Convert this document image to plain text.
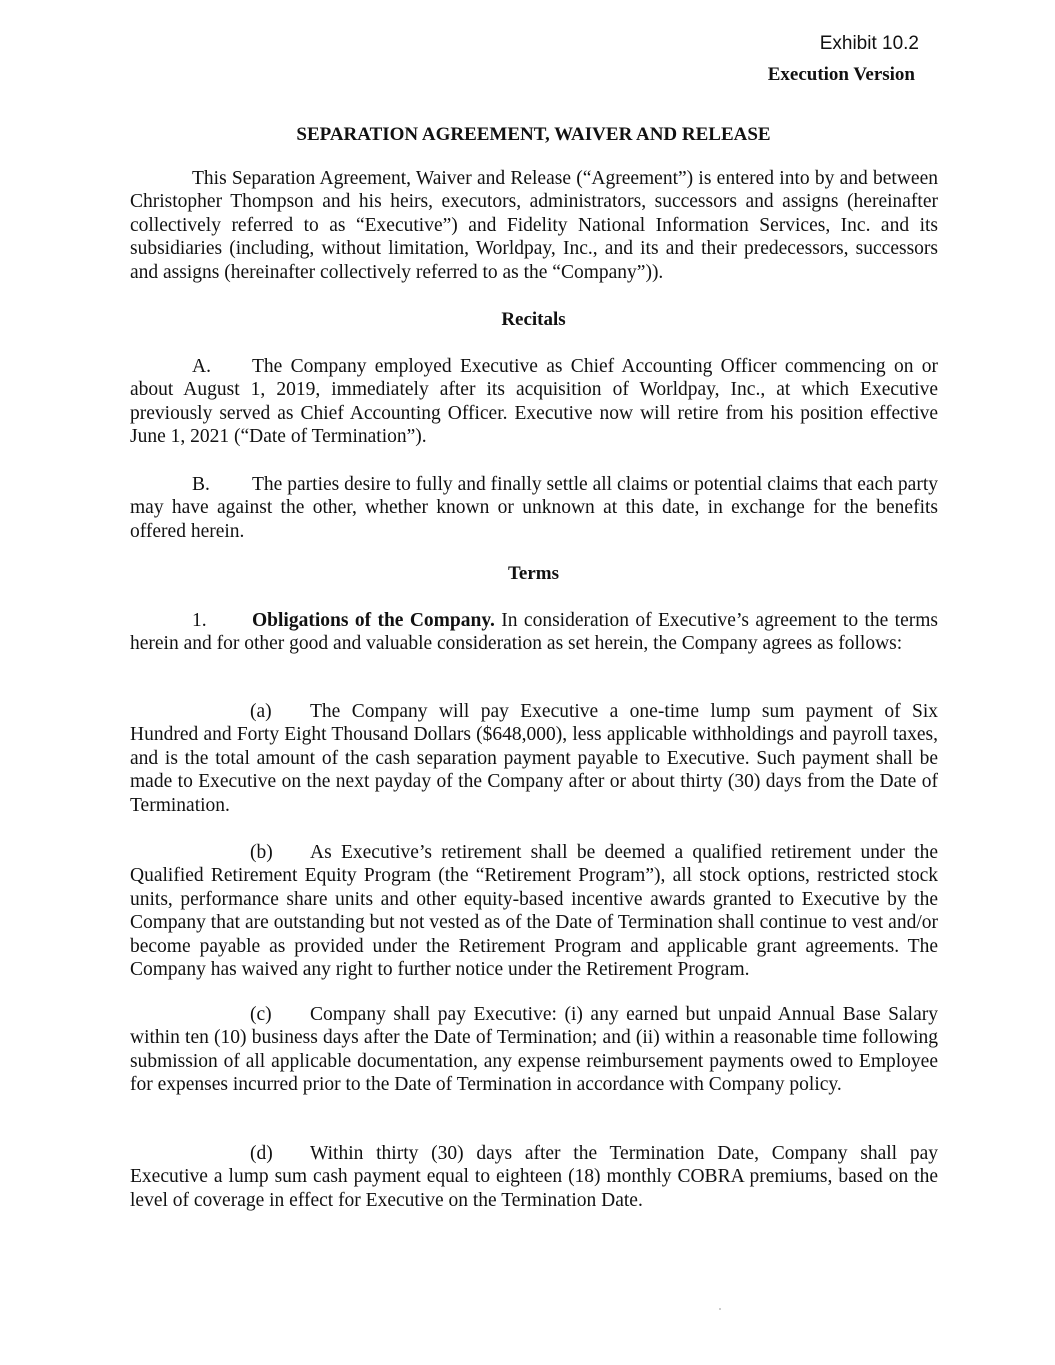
Exhibit 10.2
Execution Version
SEPARATION AGREEMENT, WAIVER AND RELEASE

This Separation Agreement, Waiver and Release (“Agreement”) is entered into by and between Christopher Thompson and his heirs, executors, administrators, successors and assigns (hereinafter collectively referred to as “Executive”) and Fidelity National Information Services, Inc. and its subsidiaries (including, without limitation, Worldpay, Inc., and its and their predecessors, successors and assigns (hereinafter collectively referred to as the “Company”)).

Recitals

A. The Company employed Executive as Chief Accounting Officer commencing on or about August 1, 2019, immediately after its acquisition of Worldpay, Inc., at which Executive previously served as Chief Accounting Officer. Executive now will retire from his position effective June 1, 2021 (“Date of Termination”).

B. The parties desire to fully and finally settle all claims or potential claims that each party may have against the other, whether known or unknown at this date, in exchange for the benefits offered herein.

Terms

1. Obligations of the Company. In consideration of Executive’s agreement to the terms herein and for other good and valuable consideration as set herein, the Company agrees as follows:

(a) The Company will pay Executive a one-time lump sum payment of Six Hundred and Forty Eight Thousand Dollars ($648,000), less applicable withholdings and payroll taxes, and is the total amount of the cash separation payment payable to Executive. Such payment shall be made to Executive on the next payday of the Company after or about thirty (30) days from the Date of Termination.

(b) As Executive’s retirement shall be deemed a qualified retirement under the Qualified Retirement Equity Program (the “Retirement Program”), all stock options, restricted stock units, performance share units and other equity-based incentive awards granted to Executive by the Company that are outstanding but not vested as of the Date of Termination shall continue to vest and/or become payable as provided under the Retirement Program and applicable grant agreements. The Company has waived any right to further notice under the Retirement Program.

(c) Company shall pay Executive: (i) any earned but unpaid Annual Base Salary within ten (10) business days after the Date of Termination; and (ii) within a reasonable time following submission of all applicable documentation, any expense reimbursement payments owed to Employee for expenses incurred prior to the Date of Termination in accordance with Company policy.

(d) Within thirty (30) days after the Termination Date, Company shall pay Executive a lump sum cash payment equal to eighteen (18) monthly COBRA premiums, based on the level of coverage in effect for Executive on the Termination Date.
